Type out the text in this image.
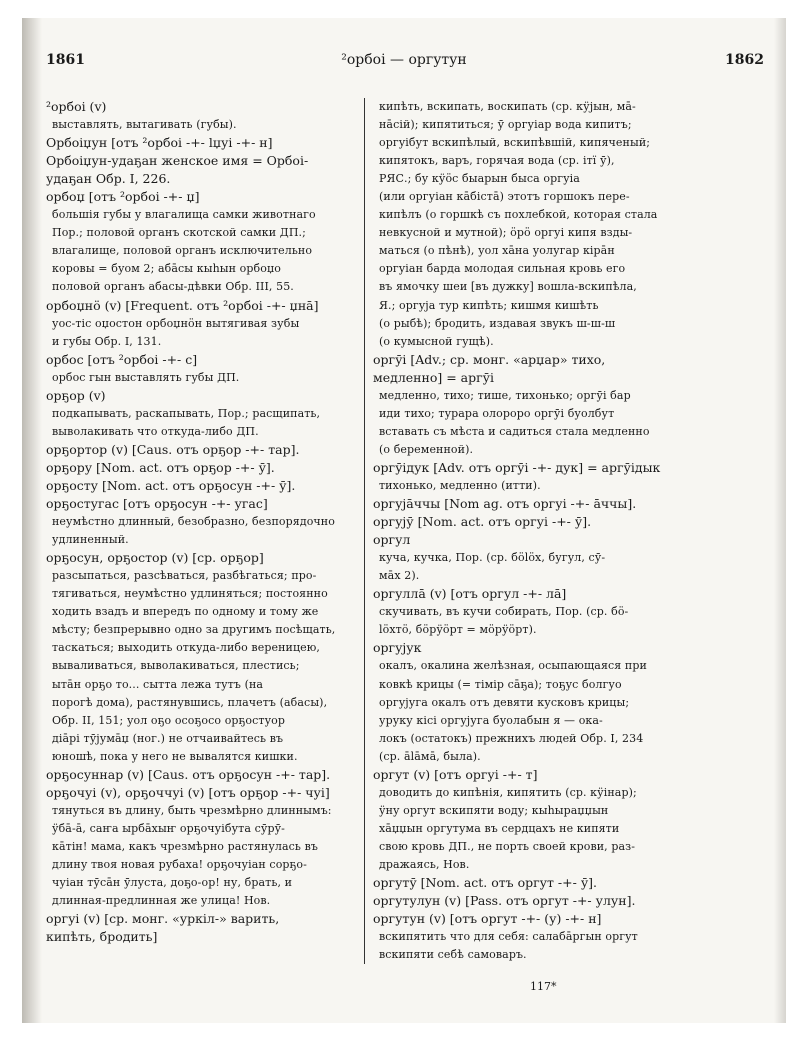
1861	²орбоі — оргутун	1862
²орбоі (v)
выставлять, вытагивать (губы).
Орбоіџун [отъ ²орбоі -+- lџуі -+- н]
Орбоіџун-удаҕан женское имя = Орбоі-
удаҕан Обр. I, 226.
орбоџ [отъ ²орбоі -+- џ]
большія губы у влагалища самки животнаго
Пор.; половой органъ скотской самки ДП.;
влагалище, половой органъ исключительно
коровы = буом 2; абāсы кыһын орбоџо
половой органъ абасы-дѣвки Обр. III, 55.
орбоџнӧ (v) [Frequent. отъ ²орбоі -+- џнā]
уос-тіс оџостон орбоџнӧн вытягивая зубы
и губы Обр. I, 131.
орбос [отъ ²орбоі -+- с]
орбос гын выставлять губы ДП.
орҕор (v)
подкапывать, раскапывать, Пор.; расщипать,
выволакивать что откуда-либо ДП.
орҕортор (v) [Caus. отъ орҕор -+- тар].
орҕору [Nom. act. отъ орҕор -+- ӯ].
орҕосту [Nom. act. отъ орҕосун -+- ӯ].
орҕостугас [отъ орҕосун -+- угас]
неумѣстно длинный, безобразно, безпорядочно
удлиненный.
орҕосун, орҕостор (v) [ср. орҕор]
разсыпаться, разсѣваться, разбѣгаться; про-
тягиваться, неумѣстно удлиняться; постоянно
ходить взадъ и впередъ по одному и тому же
мѣсту; безпрерывно одно за другимъ посѣщать,
таскаться; выходить откуда-либо вереницею,
вываливаться, выволакиваться, плестись;
ытāн орҕо то... сытта лежа тутъ (на
порогѣ дома), растянувшись, плачетъ (абасы),
Обр. II, 151; уол оҕо осоҕосо орҕостуор
діāрі тӯјумāџ (ног.) не отчаивайтесь въ
юношѣ, пока у него не вывалятся кишки.
орҕосуннар (v) [Caus. отъ орҕосун -+- тар].
орҕочуі (v), орҕоччуі (v) [отъ орҕор -+- чуі]
тянуться въ длину, быть чрезмѣрно длиннымъ:
ӱбā-ā, саҥа ырбāхыҥ орҕочуібута сӯрӯ-
кāтін! мама, какъ чрезмѣрно растянулась въ
длину твоя новая рубаха! орҕочуіан сорҕо-
чуіан тӯсāн ӯлуста, доҕо-ор! ну, брать, и
длинная-предлинная же улица! Нов.
оргуі (v) [ср. монг. «уркіл-» варить,
кипѣть, бродить]
кипѣть, вскипать, воскипать (ср. кӱјын, мā-
нāсій); кипятиться; ӯ оргуіар вода кипитъ;
оргуібут вскипѣлый, вскипѣвшій, кипяченый;
кипятокъ, варъ, горячая вода (ср. ітї ӯ),
РЯС.; бу кӱӧс быарын быса оргуіа
(или оргуіан кāбістā) этотъ горшокъ пере-
кипѣлъ (о горшкѣ съ похлебкой, которая стала
невкусной и мутной); ӧрӧ оргуі кипя взды-
маться (о пѣнѣ), уол хāна уолугар кірāн
оргуіан барда молодая сильная кровь его
въ ямочку шеи [въ дужку] вошла-вскипѣла,
Я.; оргуја тур кипѣть; кишмя кишѣть
(о рыбѣ); бродить, издавая звукъ ш-ш-ш
(о кумысной гущѣ).
оргӯі [Adv.; ср. монг. «арџар» тихо,
медленно] = аргӯі
медленно, тихо; тише, тихонько; оргӯі бар
иди тихо; турара олороро оргӯі буолбут
вставать съ мѣста и садиться стала медленно
(о беременной).
оргӯідук [Adv. отъ оргӯі -+- дук] = аргӯідык
тихонько, медленно (итти).
оргуjāччы [Nom ag. отъ оргуі -+- āччы].
оргуjӯ [Nom. act. отъ оргуі -+- ӯ].
оргул
куча, кучка, Пор. (ср. бӧlӧх, бугул, сӯ-
мāх 2).
оргуллā (v) [отъ оргул -+- лā]
скучивать, въ кучи собирать, Пор. (ср. бӧ-
lӧхтӧ, бӧрӱӧрт = мӧрӱӧрт).
оргујук
окалъ, окалина желѣзная, осыпающаяся при
ковкѣ крицы (= тімір сāҕа); тоҕус болгуо
оргујуга окалъ отъ девяти кусковъ крицы;
уруку кісі оргујуга буолабын я — ока-
локъ (остатокъ) прежнихъ людей Обр. I, 234
(ср. ālāмā, была).
оргут (v) [отъ оргуі -+- т]
доводить до кипѣнія, кипятить (ср. кӱінар);
ӱну оргут вскипяти воду; кыһыраџџын
хāџџын оргутума въ сердцахъ не кипяти
свою кровь ДП., не порть своей крови, раз-
дражаясь, Нов.
оргутӯ [Nom. act. отъ оргут -+- ӯ].
оргутулун (v) [Pass. отъ оргут -+- улун].
оргутун (v) [отъ оргут -+- (у) -+- н]
вскипятить что для себя: салабāргын оргут
вскипяти себѣ самоваръ.
117*
